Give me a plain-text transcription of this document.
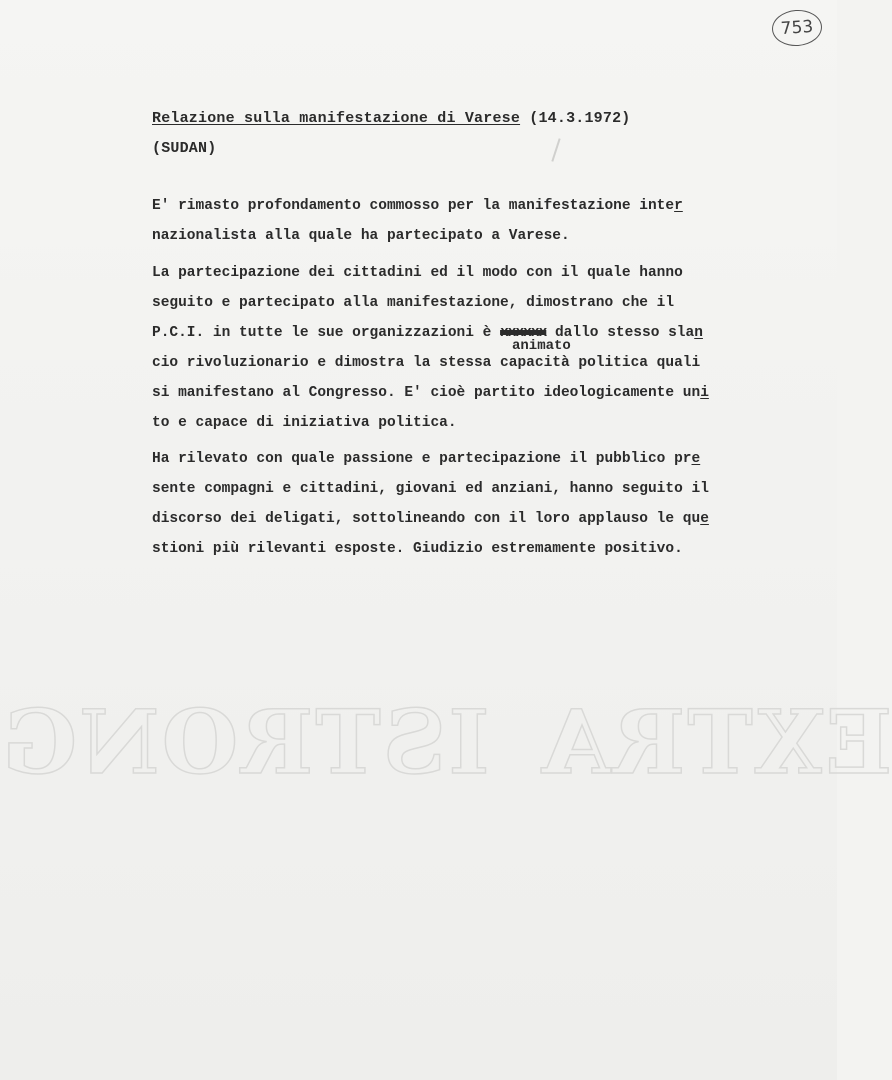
753
ISTRONG EXTRA
Relazione sulla manifestazione di Varese (14.3.1972)
(SUDAN)
E' rimasto profondamento commosso per la manifestazione inter
nazionalista alla quale ha partecipato a Varese.
La partecipazione dei cittadini ed il modo con il quale hanno
seguito e partecipato alla manifestazione, dimostrano che il
animato
P.C.I. in tutte le sue organizzazioni è xxxxxx dallo stesso slan
cio rivoluzionario e dimostra la stessa capacità politica quali
si manifestano al Congresso. E' cioè partito ideologicamente uni
to e capace di iniziativa politica.
Ha rilevato con quale passione e partecipazione il pubblico pre
sente compagni e cittadini, giovani ed anziani, hanno seguito il
discorso dei deligati, sottolineando con il loro applauso le que
stioni più rilevanti esposte. Giudizio estremamente positivo.
